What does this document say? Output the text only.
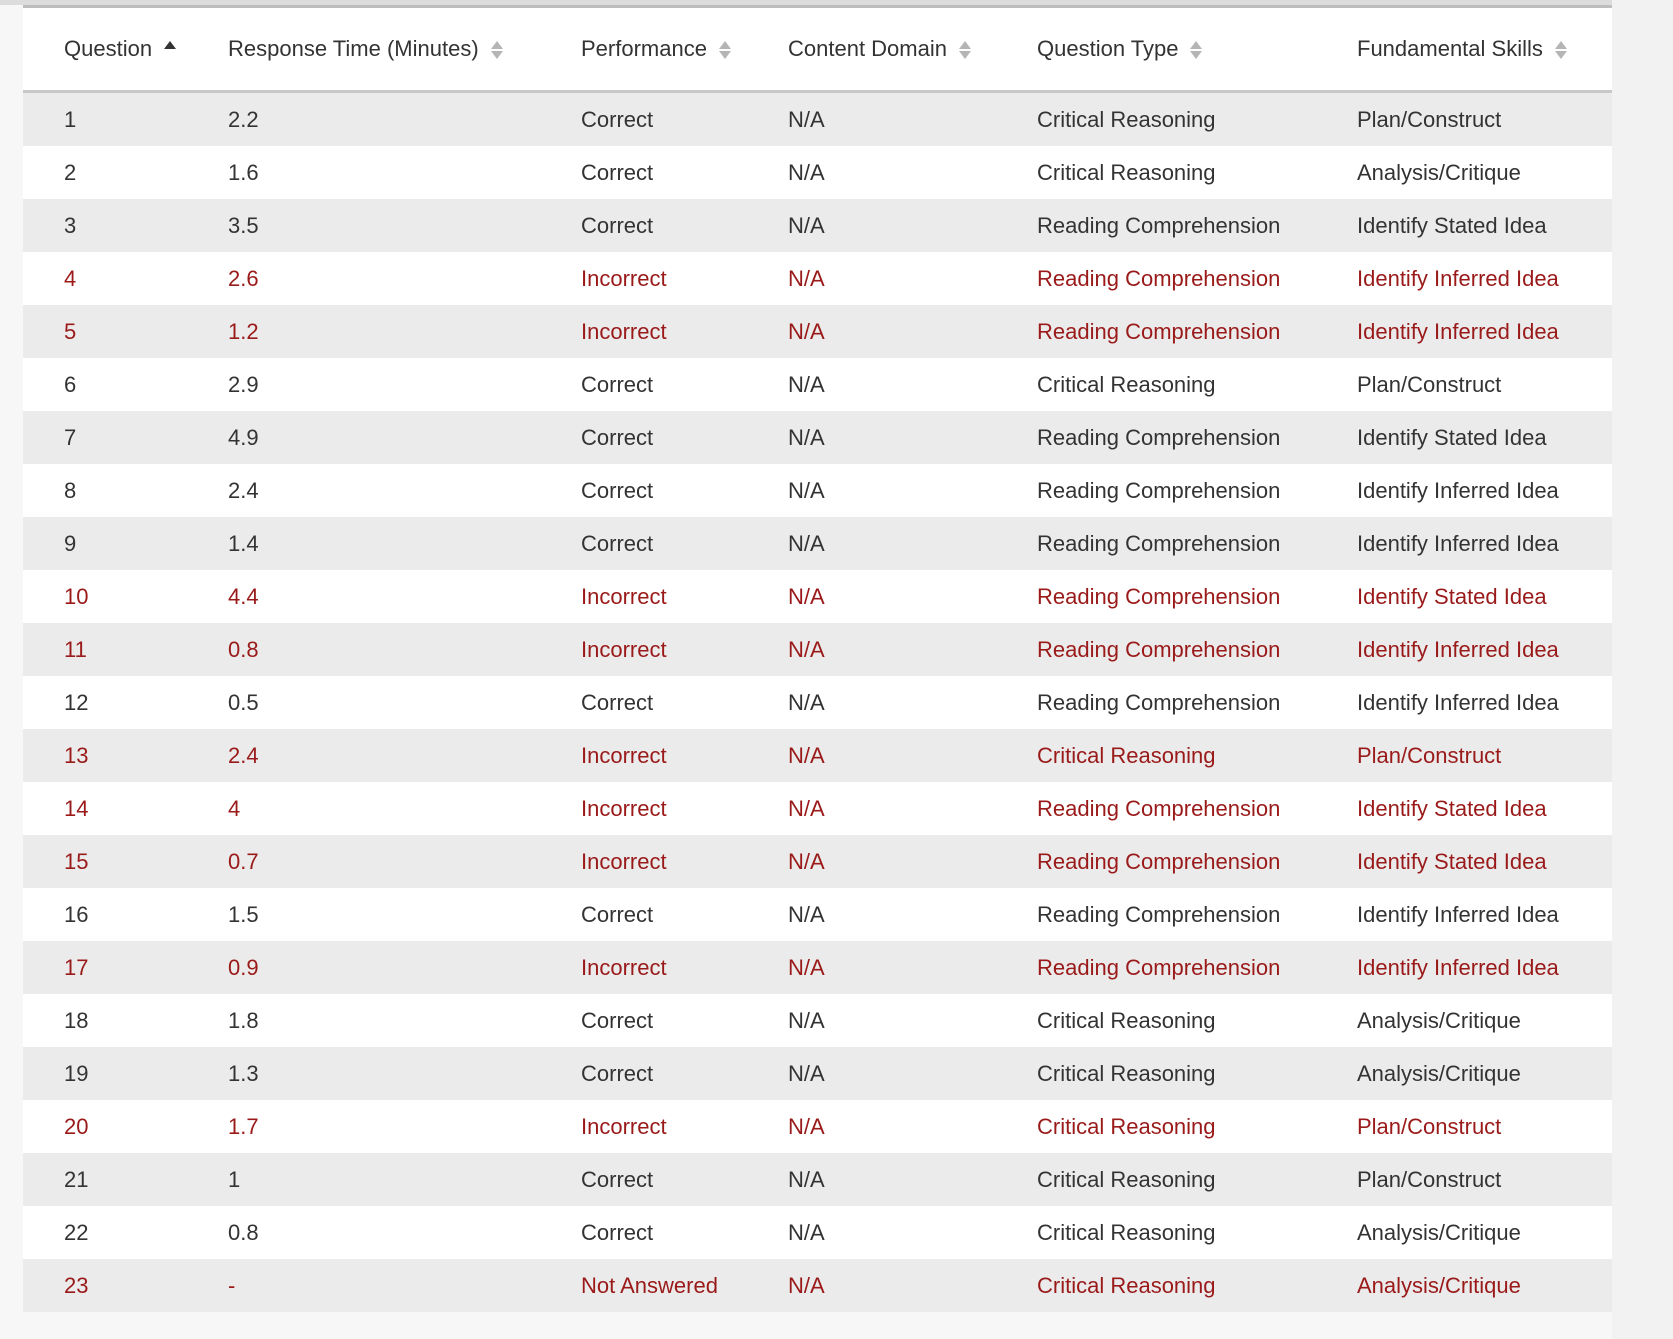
Question	Response Time (Minutes)	Performance	Content Domain	Question Type	Fundamental Skills

1	2.2	Correct	N/A	Critical Reasoning	Plan/Construct
2	1.6	Correct	N/A	Critical Reasoning	Analysis/Critique
3	3.5	Correct	N/A	Reading Comprehension	Identify Stated Idea
4	2.6	Incorrect	N/A	Reading Comprehension	Identify Inferred Idea
5	1.2	Incorrect	N/A	Reading Comprehension	Identify Inferred Idea
6	2.9	Correct	N/A	Critical Reasoning	Plan/Construct
7	4.9	Correct	N/A	Reading Comprehension	Identify Stated Idea
8	2.4	Correct	N/A	Reading Comprehension	Identify Inferred Idea
9	1.4	Correct	N/A	Reading Comprehension	Identify Inferred Idea
10	4.4	Incorrect	N/A	Reading Comprehension	Identify Stated Idea
11	0.8	Incorrect	N/A	Reading Comprehension	Identify Inferred Idea
12	0.5	Correct	N/A	Reading Comprehension	Identify Inferred Idea
13	2.4	Incorrect	N/A	Critical Reasoning	Plan/Construct
14	4	Incorrect	N/A	Reading Comprehension	Identify Stated Idea
15	0.7	Incorrect	N/A	Reading Comprehension	Identify Stated Idea
16	1.5	Correct	N/A	Reading Comprehension	Identify Inferred Idea
17	0.9	Incorrect	N/A	Reading Comprehension	Identify Inferred Idea
18	1.8	Correct	N/A	Critical Reasoning	Analysis/Critique
19	1.3	Correct	N/A	Critical Reasoning	Analysis/Critique
20	1.7	Incorrect	N/A	Critical Reasoning	Plan/Construct
21	1	Correct	N/A	Critical Reasoning	Plan/Construct
22	0.8	Correct	N/A	Critical Reasoning	Analysis/Critique
23	-	Not Answered	N/A	Critical Reasoning	Analysis/Critique
